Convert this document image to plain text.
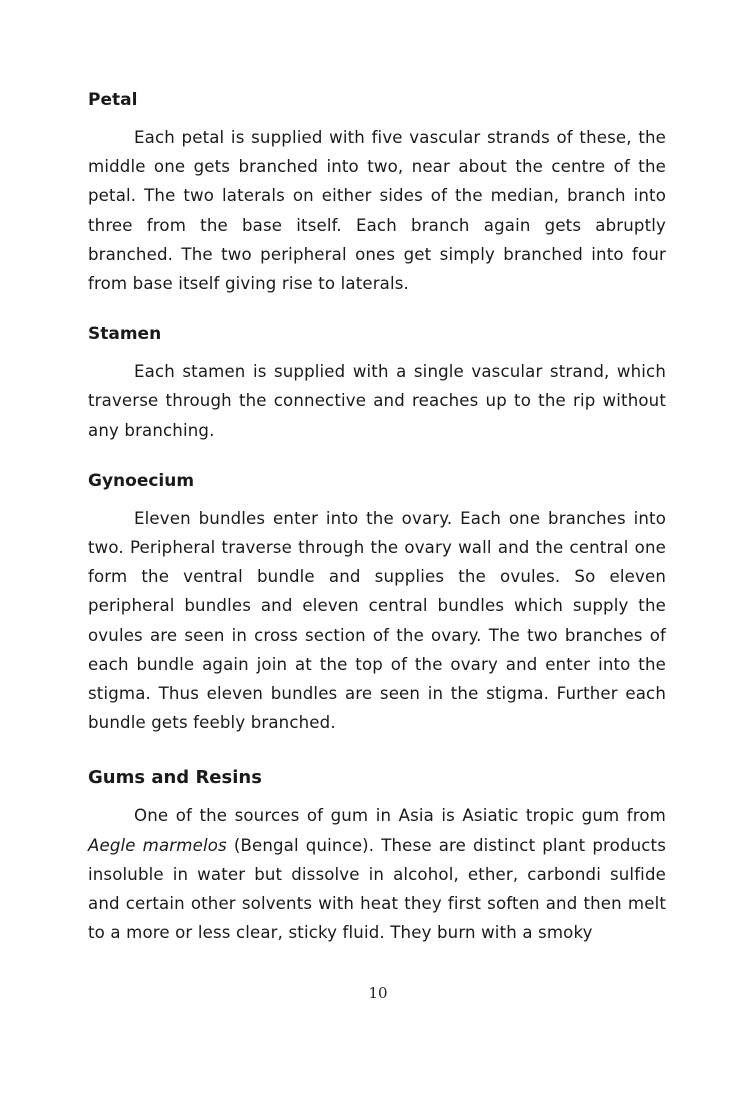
Petal

Each petal is supplied with five vascular strands of these, the middle one gets branched into two, near about the centre of the petal. The two laterals on either sides of the median, branch into three from the base itself. Each branch again gets abruptly branched. The two peripheral ones get simply branched into four from base itself giving rise to laterals.

Stamen

Each stamen is supplied with a single vascular strand, which traverse through the connective and reaches up to the rip without any branching.

Gynoecium

Eleven bundles enter into the ovary. Each one branches into two. Peripheral traverse through the ovary wall and the central one form the ventral bundle and supplies the ovules. So eleven peripheral bundles and eleven central bundles which supply the ovules are seen in cross section of the ovary. The two branches of each bundle again join at the top of the ovary and enter into the stigma. Thus eleven bundles are seen in the stigma. Further each bundle gets feebly branched.

Gums and Resins

One of the sources of gum in Asia is Asiatic tropic gum from Aegle marmelos (Bengal quince). These are distinct plant products insoluble in water but dissolve in alcohol, ether, carbondi sulfide and certain other solvents with heat they first soften and then melt to a more or less clear, sticky fluid. They burn with a smoky

10
